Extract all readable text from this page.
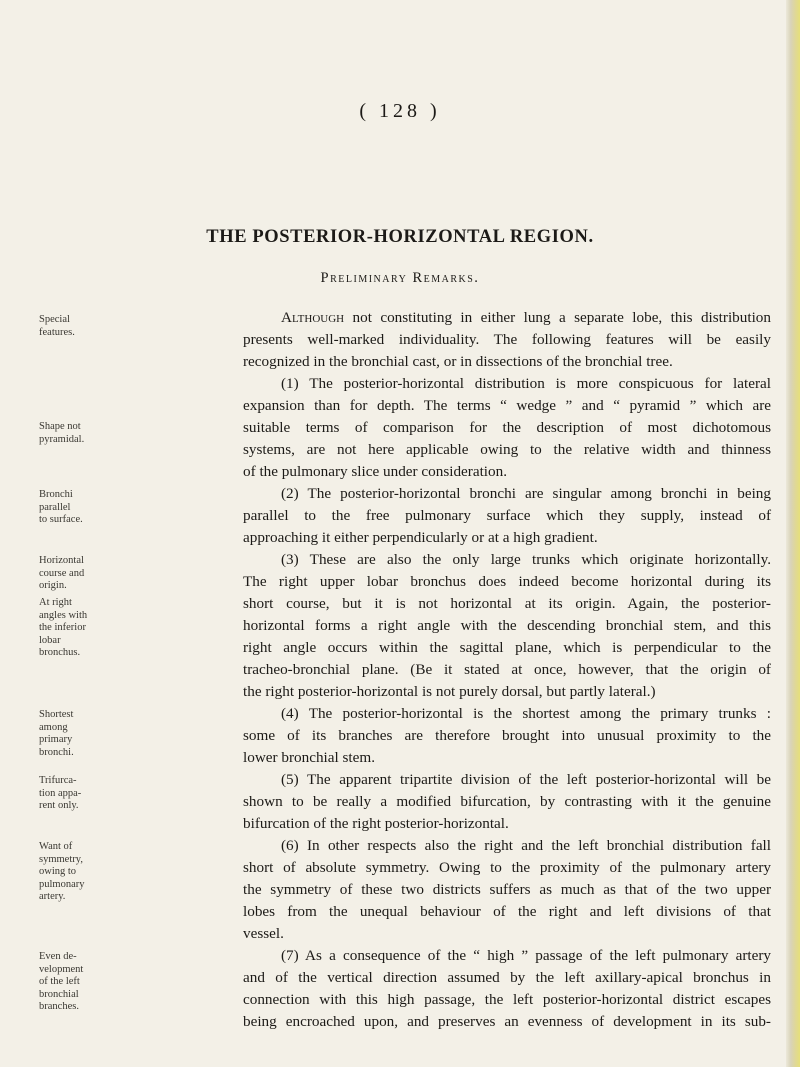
( 128 )
THE POSTERIOR-HORIZONTAL REGION.
Preliminary Remarks.
Special
features.
Although not constituting in either lung a separate lobe, this distribution
presents well-marked individuality. The following features will be easily
recognized in the bronchial cast, or in dissections of the bronchial tree.
(1) The posterior-horizontal distribution is more conspicuous for lateral
expansion than for depth. The terms “ wedge ” and “ pyramid ” which are
Shape not
pyramidal.
suitable terms of comparison for the description of most dichotomous
systems, are not here applicable owing to the relative width and thinness
of the pulmonary slice under consideration.
Bronchi
parallel
to surface.
(2) The posterior-horizontal bronchi are singular among bronchi in being
parallel to the free pulmonary surface which they supply, instead of
approaching it either perpendicularly or at a high gradient.
Horizontal
course and
origin.
(3) These are also the only large trunks which originate horizontally.
The right upper lobar bronchus does indeed become horizontal during its
At right
angles with
the inferior
lobar
bronchus.
short course, but it is not horizontal at its origin. Again, the posterior-
horizontal forms a right angle with the descending bronchial stem, and this
right angle occurs within the sagittal plane, which is perpendicular to the
tracheo-bronchial plane. (Be it stated at once, however, that the origin of
the right posterior-horizontal is not purely dorsal, but partly lateral.)
Shortest
among
primary
bronchi.
(4) The posterior-horizontal is the shortest among the primary trunks :
some of its branches are therefore brought into unusual proximity to the
lower bronchial stem.
Trifurca-
tion appa-
rent only.
(5) The apparent tripartite division of the left posterior-horizontal will be
shown to be really a modified bifurcation, by contrasting with it the genuine
bifurcation of the right posterior-horizontal.
Want of
symmetry,
owing to
pulmonary
artery.
(6) In other respects also the right and the left bronchial distribution fall
short of absolute symmetry. Owing to the proximity of the pulmonary artery
the symmetry of these two districts suffers as much as that of the two upper
lobes from the unequal behaviour of the right and left divisions of that
vessel.
Even de-
velopment
of the left
bronchial
branches.
(7) As a consequence of the “ high ” passage of the left pulmonary artery
and of the vertical direction assumed by the left axillary-apical bronchus in
connection with this high passage, the left posterior-horizontal district escapes
being encroached upon, and preserves an evenness of development in its sub-
